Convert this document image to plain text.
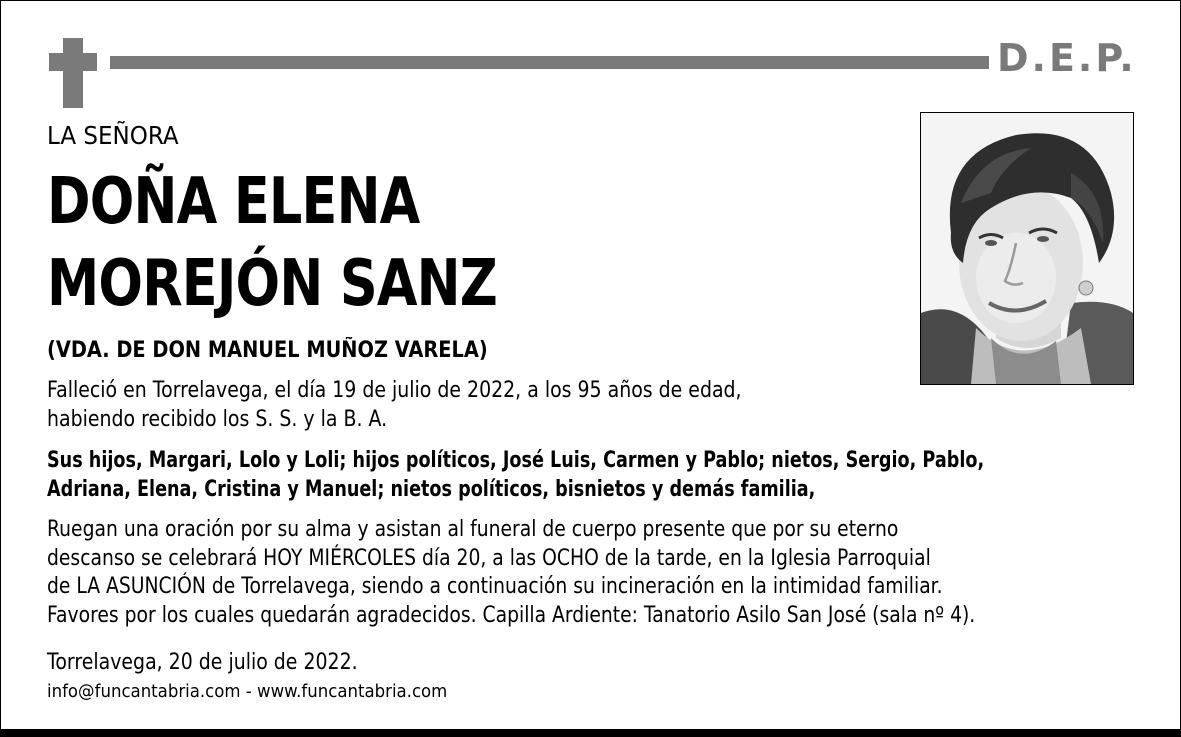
D.E.P.

LA SEÑORA

DOÑA ELENA

MOREJÓN SANZ

(VDA. DE DON MANUEL MUÑOZ VARELA)

Falleció en Torrelavega, el día 19 de julio de 2022, a los 95 años de edad,
habiendo recibido los S. S. y la B. A.
Sus hijos, Margari, Lolo y Loli; hijos políticos, José Luis, Carmen y Pablo; nietos, Sergio, Pablo,
Adriana, Elena, Cristina y Manuel; nietos políticos, bisnietos y demás familia,
Ruegan una oración por su alma y asistan al funeral de cuerpo presente que por su eterno
descanso se celebrará HOY MIÉRCOLES día 20, a las OCHO de la tarde, en la Iglesia Parroquial
de LA ASUNCIÓN de Torrelavega, siendo a continuación su incineración en la intimidad familiar.
Favores por los cuales quedarán agradecidos. Capilla Ardiente: Tanatorio Asilo San José (sala nº 4).

Torrelavega, 20 de julio de 2022.

info@funcantabria.com - www.funcantabria.com
